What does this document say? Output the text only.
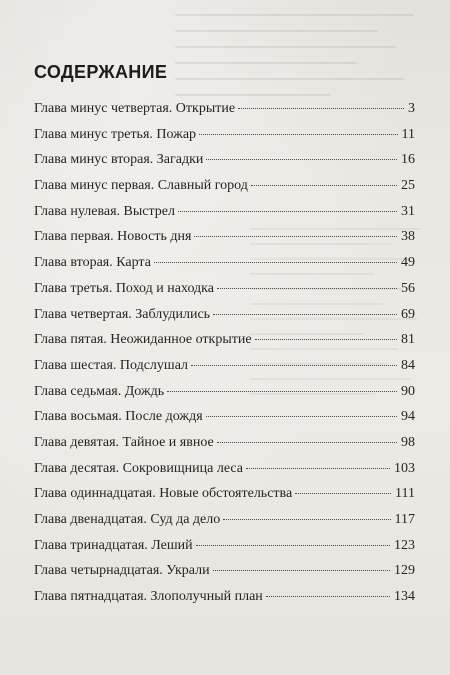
СОДЕРЖАНИЕ
Глава минус четвертая. Открытие	3
Глава минус третья. Пожар	11
Глава минус вторая. Загадки	16
Глава минус первая. Славный город	25
Глава нулевая. Выстрел	31
Глава первая. Новость дня	38
Глава вторая. Карта	49
Глава третья. Поход и находка	56
Глава четвертая. Заблудились	69
Глава пятая. Неожиданное открытие	81
Глава шестая. Подслушал	84
Глава седьмая. Дождь	90
Глава восьмая. После дождя	94
Глава девятая. Тайное и явное	98
Глава десятая. Сокровищница леса	103
Глава одиннадцатая. Новые обстоятельства	111
Глава двенадцатая. Суд да дело	117
Глава тринадцатая. Леший	123
Глава четырнадцатая. Украли	129
Глава пятнадцатая. Злополучный план	134
